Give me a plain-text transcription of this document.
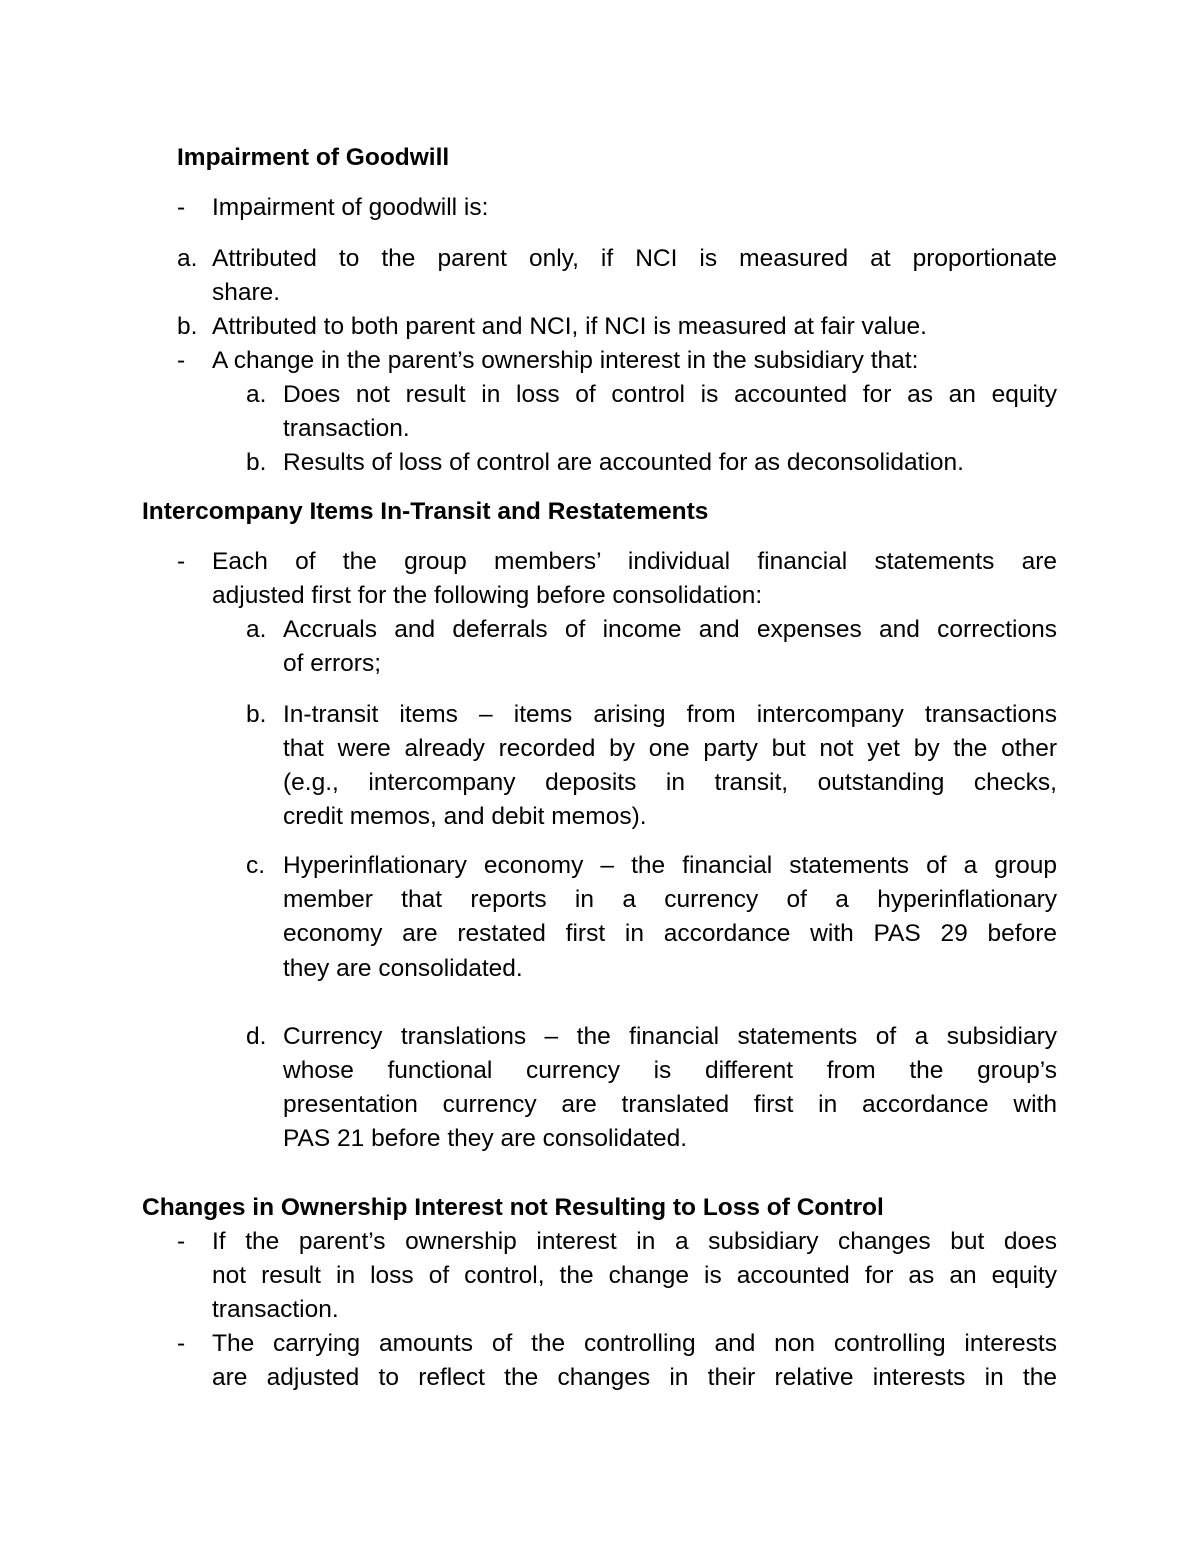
Impairment of Goodwill
- Impairment of goodwill is:
a. Attributed to the parent only, if NCI is measured at proportionate
share.
b. Attributed to both parent and NCI, if NCI is measured at fair value.
- A change in the parent’s ownership interest in the subsidiary that:
a. Does not result in loss of control is accounted for as an equity
transaction.
b. Results of loss of control are accounted for as deconsolidation.
Intercompany Items In-Transit and Restatements
- Each of the group members’ individual financial statements are
adjusted first for the following before consolidation:
a. Accruals and deferrals of income and expenses and corrections
of errors;
b. In-transit items – items arising from intercompany transactions
that were already recorded by one party but not yet by the other
(e.g., intercompany deposits in transit, outstanding checks,
credit memos, and debit memos).
c. Hyperinflationary economy – the financial statements of a group
member that reports in a currency of a hyperinflationary
economy are restated first in accordance with PAS 29 before
they are consolidated.
d. Currency translations – the financial statements of a subsidiary
whose functional currency is different from the group’s
presentation currency are translated first in accordance with
PAS 21 before they are consolidated.
Changes in Ownership Interest not Resulting to Loss of Control
- If the parent’s ownership interest in a subsidiary changes but does
not result in loss of control, the change is accounted for as an equity
transaction.
- The carrying amounts of the controlling and non controlling interests
are adjusted to reflect the changes in their relative interests in the
